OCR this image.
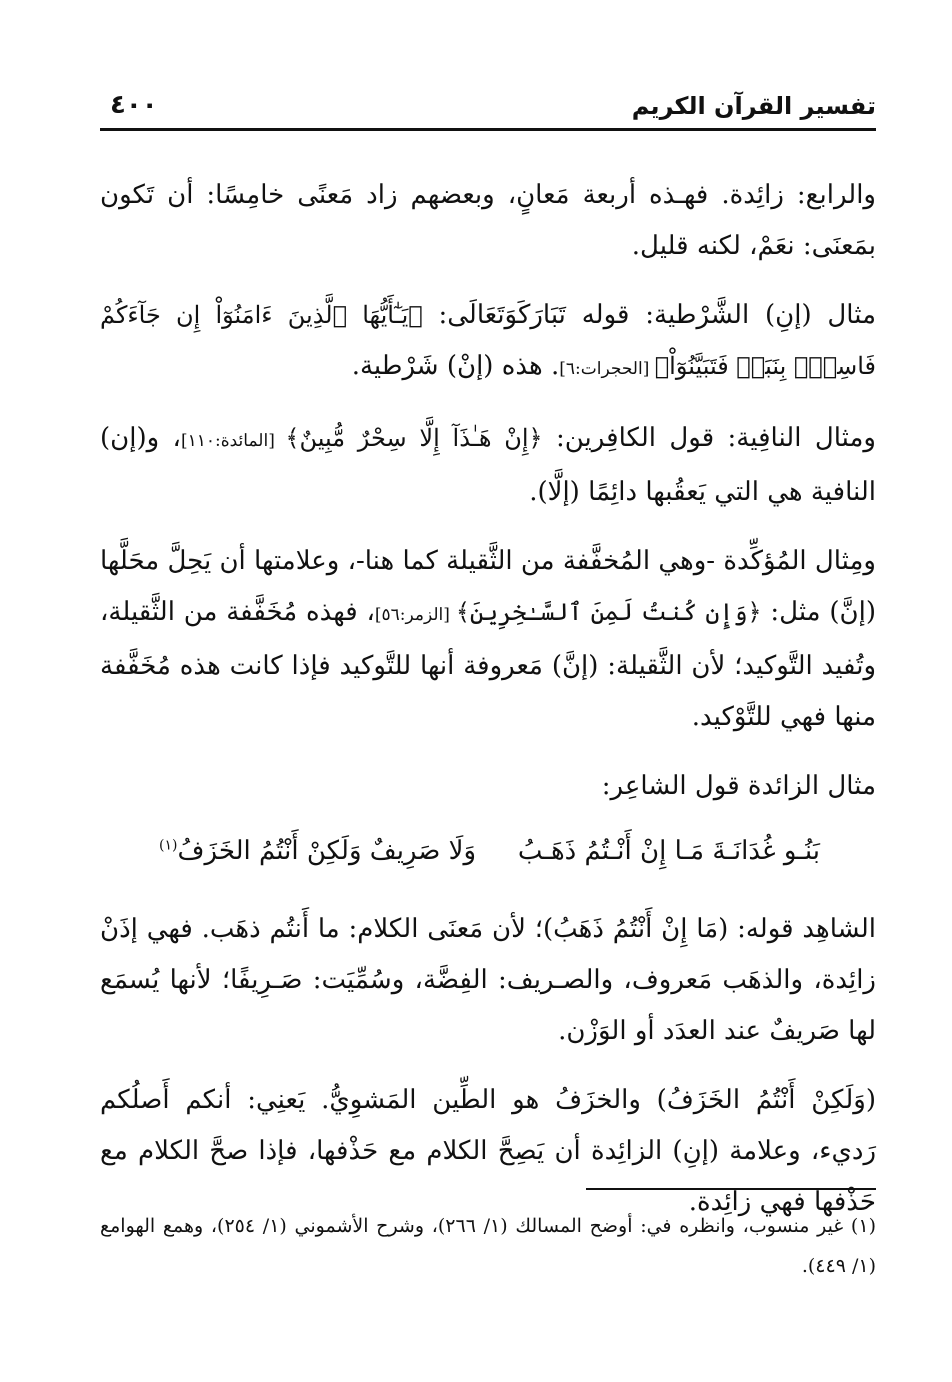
٤٠٠	تفسير القرآن الكريم

والرابع: زائِدة. فهـذه أربعة مَعانٍ، وبعضهم زاد مَعنًى خامِسًا: أن تَكون بمَعنَى: نعَمْ، لكنه قليل.

مثال (إنِ) الشَّرْطية: قوله تَبَارَكَوَتَعَالَى: ﴿يَـٰٓأَيُّهَا ٱلَّذِينَ ءَامَنُوٓاْ إِن جَآءَكُمْ فَاسِقٌۢ بِنَبَإٖ فَتَبَيَّنُوٓاْ﴾ [الحجرات:٦]. هذه (إنْ) شَرْطية.

ومثال النافِية: قول الكافِرين: ﴿إِنْ هَـٰذَآ إِلَّا سِحْرٌ مُّبِينٌ﴾ [المائدة:١١٠]، و(إن) النافية هي التي يَعقُبها دائِمًا (إلَّا).

ومِثال المُؤكِّدة -وهي المُخفَّفة من الثَّقيلة كما هنا-، وعلامتها أن يَحِلَّ محَلَّها (إنَّ) مثل: ﴿وَإِن كُنتُ لَمِنَ ٱلسَّـٰخِرِينَ﴾ [الزمر:٥٦]، فهذه مُخَفَّفة من الثَّقيلة، وتُفيد التَّوكيد؛ لأن الثَّقيلة: (إنَّ) مَعروفة أنها للتَّوكيد فإذا كانت هذه مُخَفَّفة منها فهي للتَّوْكيد.

مثال الزائدة قول الشاعِر:

بَنُـو غُدَانَـةَ مَـا إِنْ أَنْـتُمُ ذَهَـبُ
وَلَا صَرِيفٌ وَلَكِنْ أَنْتُمُ الخَزَفُ$^{(١)}$

الشاهِد قوله: (مَا إِنْ أَنْتُمُ ذَهَبُ)؛ لأن مَعنَى الكلام: ما أَنتُم ذهَب. فهي إذَنْ زائِدة، والذهَب مَعروف، والصـريف: الفِضَّة، وسُمِّيَت: صَـرِيفًا؛ لأنها يُسمَع لها صَريفٌ عند العدَد أو الوَزْن.

(وَلَكِنْ أَنْتُمُ الخَزَفُ) والخزَفُ هو الطِّين المَشوِيُّ. يَعنِي: أنكم أَصلُكم رَديء، وعلامة (إنِ) الزائِدة أن يَصِحَّ الكلام مع حَذْفها، فإذا صحَّ الكلام مع حَذْفها فهي زائِدة.

(١) غير منسوب، وانظره في: أوضح المسالك (١/ ٢٦٦)، وشرح الأشموني (١/ ٢٥٤)، وهمع الهوامع (١/ ٤٤٩).
